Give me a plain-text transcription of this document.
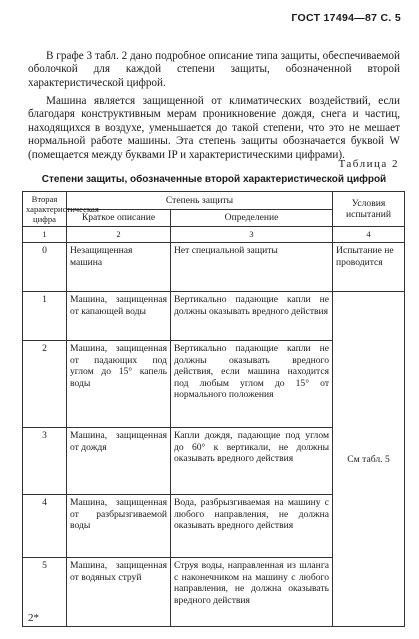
ГОСТ 17494—87 С. 5
В графе 3 табл. 2 дано подробное описание типа защиты, обеспечиваемой оболочкой для каждой степени защиты, обозначенной второй характеристической цифрой.
Машина является защищенной от климатических воздействий, если благодаря конструктивным мерам проникновение дождя, снега и частиц, находящихся в воздухе, уменьшается до такой степени, что это не мешает нормальной работе машины. Эта степень защиты обозначается буквой W (помещается между буквами IP и характеристическими цифрами).
Таблица 2
Степени защиты, обозначенные второй характеристической цифрой
Вторая характеристическая цифра	Степень защиты		Условия испытаний
	Краткое описание	Определение	
1	2	3	4
0	Незащищенная машина	Нет специальной защиты	Испытание не проводится
1	Машина, защищенная от капающей воды	Вертикально падающие капли не должны оказывать вредного действия	См табл. 5
2	Машина, защищенная от падающих под углом до 15° капель воды	Вертикально падающие капли не должны оказывать вредного действия, если машина находится под любым углом до 15° от нормального положения	
3	Машина, защищенная от дождя	Капли дождя, падающие под углом до 60° к вертикали, не должны оказывать вредного действия	
4	Машина, защищенная от разбрызгиваемой воды	Вода, разбрызгиваемая на машину с любого направления, не должна оказывать вредного действия	
5	Машина, защищенная от водяных струй	Струя воды, направленная из шланга с наконечником на машину с любого направления, не должна оказывать вредного действия	
2*
